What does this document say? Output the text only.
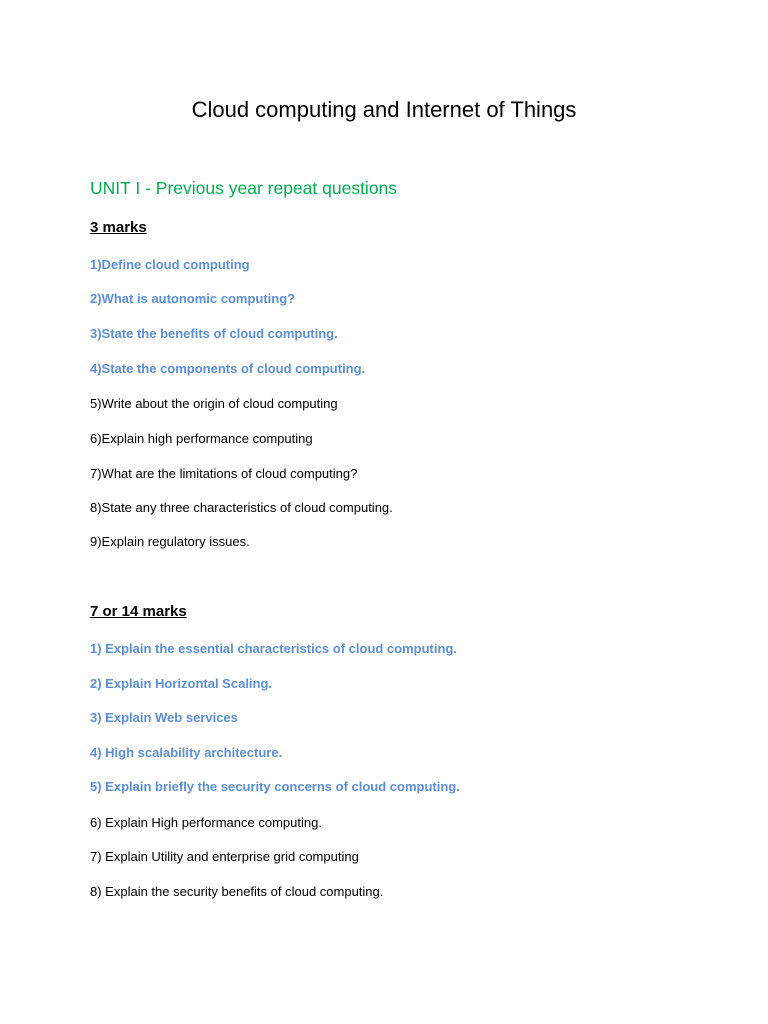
Cloud computing and Internet of Things
UNIT I - Previous year repeat questions
3 marks

1)Define cloud computing

2)What is autonomic computing?

3)State the benefits of cloud computing.

4)State the components of cloud computing.

5)Write about the origin of cloud computing

6)Explain high performance computing

7)What are the limitations of cloud computing?

8)State any three characteristics of cloud computing.

9)Explain regulatory issues.

7 or 14 marks

1) Explain the essential characteristics of cloud computing.

2) Explain Horizontal Scaling.

3) Explain Web services

4) High scalability architecture.

5) Explain briefly the security concerns of cloud computing.

6) Explain High performance computing.

7) Explain Utility and enterprise grid computing

8) Explain the security benefits of cloud computing.
